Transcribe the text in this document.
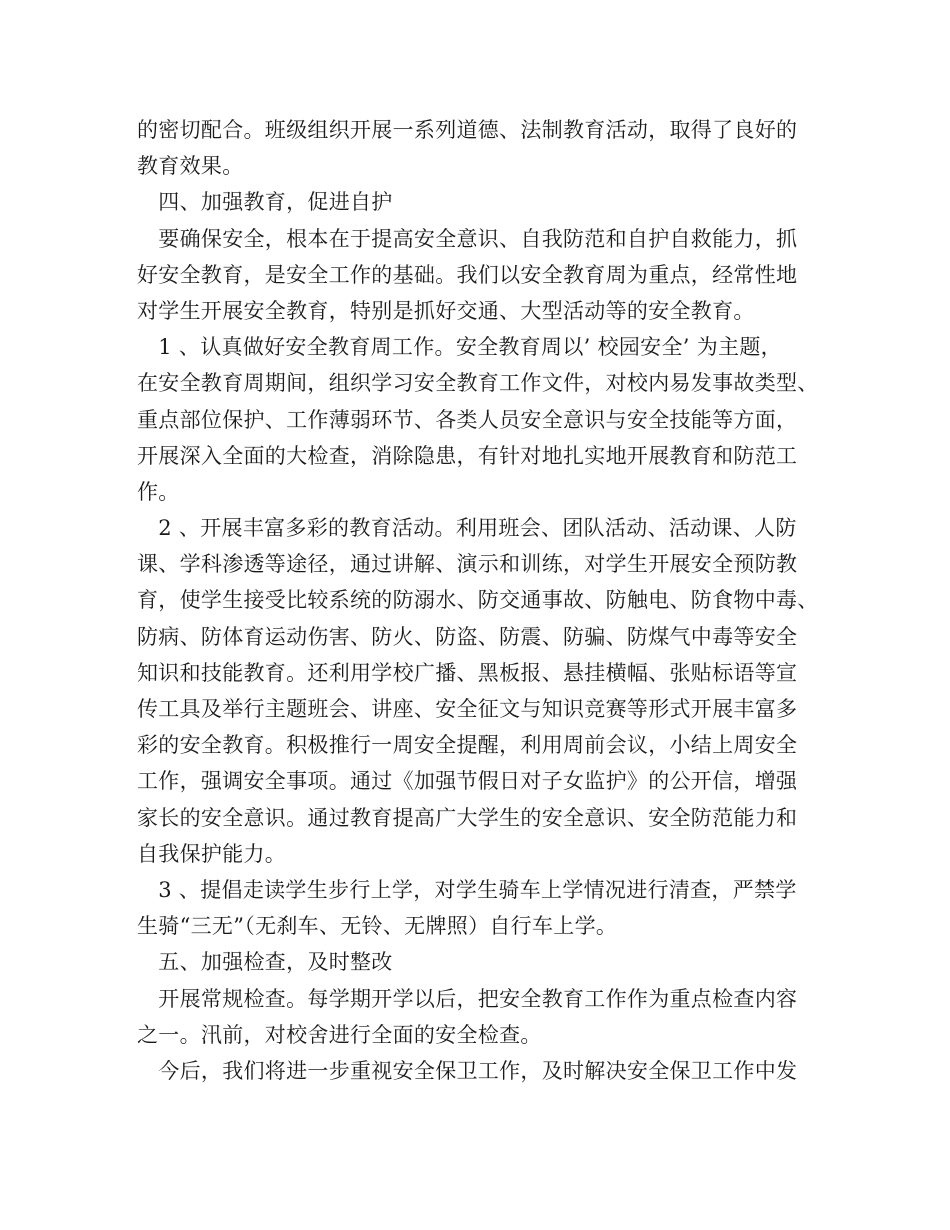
的密切配合。班级组织开展一系列道德、法制教育活动，取得了良好的
教育效果。
　四、加强教育，促进自护
　要确保安全，根本在于提高安全意识、自我防范和自护自救能力，抓
好安全教育，是安全工作的基础。我们以安全教育周为重点，经常性地
对学生开展安全教育，特别是抓好交通、大型活动等的安全教育。
　1 、认真做好安全教育周工作。安全教育周以’ 校园安全’ 为主题，
在安全教育周期间，组织学习安全教育工作文件，对校内易发事故类型、
重点部位保护、工作薄弱环节、各类人员安全意识与安全技能等方面，
开展深入全面的大检查，消除隐患，有针对地扎实地开展教育和防范工
作。
　2 、开展丰富多彩的教育活动。利用班会、团队活动、活动课、人防
课、学科渗透等途径，通过讲解、演示和训练，对学生开展安全预防教
育，使学生接受比较系统的防溺水、防交通事故、防触电、防食物中毒、
防病、防体育运动伤害、防火、防盗、防震、防骗、防煤气中毒等安全
知识和技能教育。还利用学校广播、黑板报、悬挂横幅、张贴标语等宣
传工具及举行主题班会、讲座、安全征文与知识竞赛等形式开展丰富多
彩的安全教育。积极推行一周安全提醒，利用周前会议，小结上周安全
工作，强调安全事项。通过《加强节假日对子女监护》的公开信，增强
家长的安全意识。通过教育提高广大学生的安全意识、安全防范能力和
自我保护能力。
　3 、提倡走读学生步行上学，对学生骑车上学情况进行清查，严禁学
生骑“三无”（无刹车、无铃、无牌照）自行车上学。
　五、加强检查，及时整改
　开展常规检查。每学期开学以后，把安全教育工作作为重点检查内容
之一。汛前，对校舍进行全面的安全检查。
　今后，我们将进一步重视安全保卫工作，及时解决安全保卫工作中发
